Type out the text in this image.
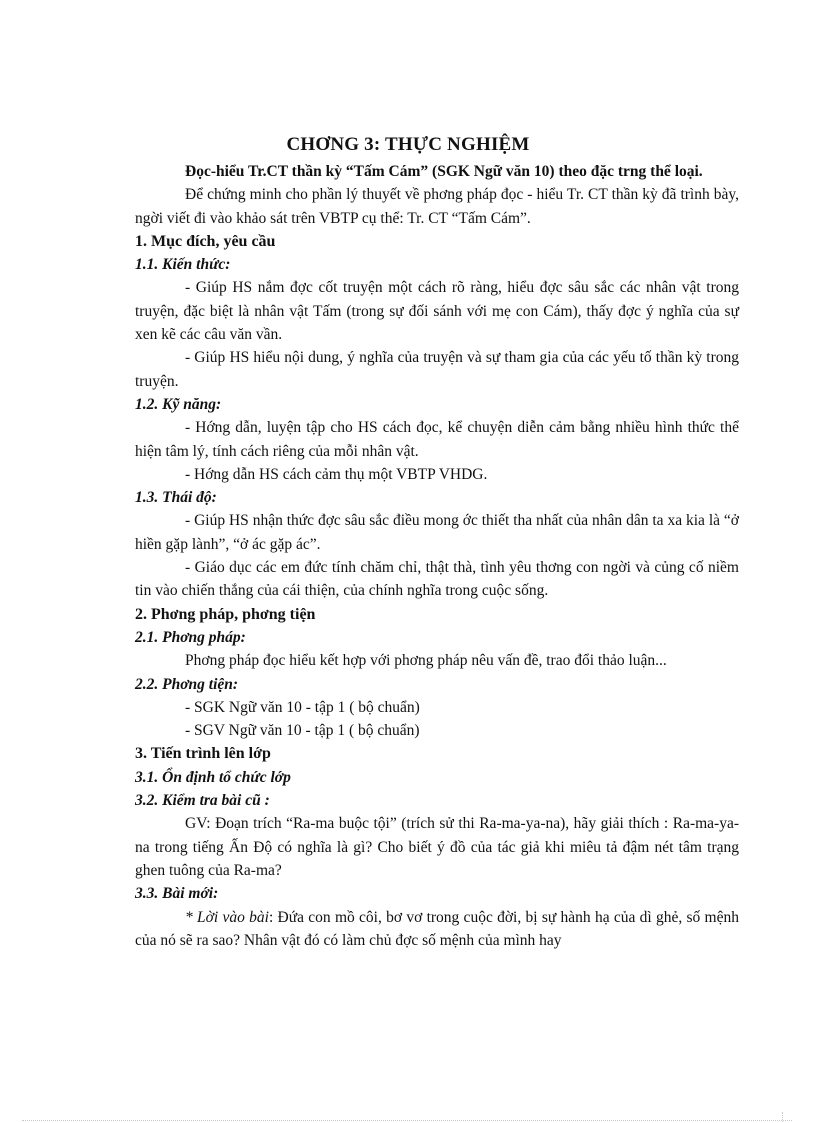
CHƠNG 3: THỰC NGHIỆM

Đọc-hiểu Tr.CT thần kỳ “Tấm Cám” (SGK Ngữ văn 10) theo đặc trng thể loại.

Để chứng minh cho phần lý thuyết về phơng pháp đọc - hiểu Tr. CT thần kỳ đã trình bày, ngời viết đi vào khảo sát trên VBTP cụ thể: Tr. CT “Tấm Cám”.

1. Mục đích, yêu cầu

1.1. Kiến thức:

- Giúp HS nắm đợc cốt truyện một cách rõ ràng, hiểu đợc sâu sắc các nhân vật trong truyện, đặc biệt là nhân vật Tấm (trong sự đối sánh với mẹ con Cám), thấy đợc ý nghĩa của sự xen kẽ các câu văn vần.

- Giúp HS hiểu nội dung, ý nghĩa của truyện và sự tham gia của các yếu tố thần kỳ trong truyện.

1.2. Kỹ năng:

- Hớng dẫn, luyện tập cho HS cách đọc, kể chuyện diễn cảm bằng nhiều hình thức thể hiện tâm lý, tính cách riêng của mỗi nhân vật.

- Hớng dẫn HS cách cảm thụ một VBTP VHDG.

1.3. Thái độ:

- Giúp HS nhận thức đợc sâu sắc điều mong ớc thiết tha nhất của nhân dân ta xa kia là “ở hiền gặp lành”, “ở ác gặp ác”.

- Giáo dục các em đức tính chăm chỉ, thật thà, tình yêu thơng con ngời và củng cố niềm tin vào chiến thắng của cái thiện, của chính nghĩa trong cuộc sống.

2. Phơng pháp, phơng tiện

2.1. Phơng pháp:

Phơng pháp đọc hiểu kết hợp với phơng pháp nêu vấn đề, trao đổi thảo luận...

2.2. Phơng tiện:

- SGK Ngữ văn 10 - tập 1 ( bộ chuẩn)

- SGV Ngữ văn 10 - tập 1 ( bộ chuẩn)

3. Tiến trình lên lớp

3.1. Ổn định tổ chức lớp

3.2. Kiểm tra bài cũ :

GV: Đoạn trích “Ra-ma buộc tội” (trích sử thi Ra-ma-ya-na), hãy giải thích : Ra-ma-ya-na trong tiếng Ấn Độ có nghĩa là gì? Cho biết ý đồ của tác giả khi miêu tả đậm nét tâm trạng ghen tuông của Ra-ma?

3.3. Bài mới:

* Lời vào bài: Đứa con mồ côi, bơ vơ trong cuộc đời, bị sự hành hạ của dì ghẻ, số mệnh của nó sẽ ra sao? Nhân vật đó có làm chủ đợc số mệnh của mình hay
